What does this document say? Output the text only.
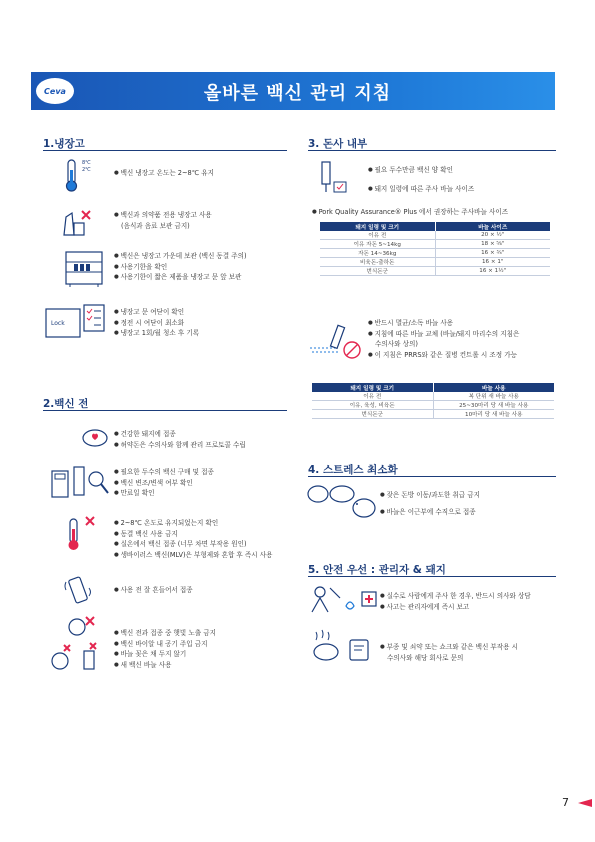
Ceva	올바른 백신 관리 지침
1.냉장고
8℃
2℃	● 백신 냉장고 온도는 2~8℃ 유지
● 백신과 의약품 전용 냉장고 사용
(음식과 음료 보관 금지)
● 백신은 냉장고 가운데 보관 (백신 동결 주의)
● 사용기한을 확인
● 사용기한이 짧은 제품을 냉장고 문 앞 보관
Lock
● 냉장고 문 여닫이 확인
● 정전 시 여닫이 최소화
● 냉장고 1회/월 청소 후 기록
2.백신 전
● 건강한 돼지에 접종
● 허약돈은 수의사와 함께 관리 프로토콜 수립
● 필요한 두수의 백신 구매 및 접종
● 백신 변조/변색 여부 확인
● 만료일 확인
● 2~8℃ 온도로 유지되었는지 확인
● 동결 백신 사용 금지
● 실온에서 백신 접종 (너무 차면 부작용 원인)
● 생바이러스 백신(MLV)은 부형제와 혼합 후 즉시 사용
● 사용 전 잘 흔들어서 접종
● 백신 전과 접종 중 햇빛 노출 금지
● 백신 바이알 내 공기 주입 금지
● 바늘 꽂은 채 두지 않기
● 새 백신 바늘 사용
3. 돈사 내부
● 필요 두수만큼 백신 양 확인
● 돼지 일령에 따른 주사 바늘 사이즈
● Pork Quality Assurance® Plus 에서 권장하는 주사바늘 사이즈
돼지 일령 및 크기	바늘 사이즈
이유 전	20 × ½"
이유 자돈 5~14kg	18 × ⅝"
자돈 14~36kg	16 × ¾"
비육돈-출하돈	16 × 1"
번식돈군	16 × 1½"
● 반드시 멸균/소독 바늘 사용
● 지침에 따른 바늘 교체 (바늘/돼지 마리수의 지침은
수의사와 상의)
● 이 지침은 PRRS와 같은 질병 컨트롤 시 조정 가능
돼지 일령 및 크기	바늘 사용
이유 전	복 단위 새 바늘 사용
이유, 육성, 비육돈	25~30마리 당 새 바늘 사용
번식돈군	10마리 당 새 바늘 사용
4. 스트레스 최소화
● 잦은 돈방 이동/과도한 취급 금지
● 바늘은 이근부에 수직으로 접종
5. 안전 우선 : 관리자 & 돼지
● 실수로 사람에게 주사 한 경우, 반드시 의사와 상담
● 사고는 관리자에게 즉시 보고
● 부종 및 쇠약 또는 쇼크와 같은 백신 부작용 시
수의사와 해당 회사로 문의
7
